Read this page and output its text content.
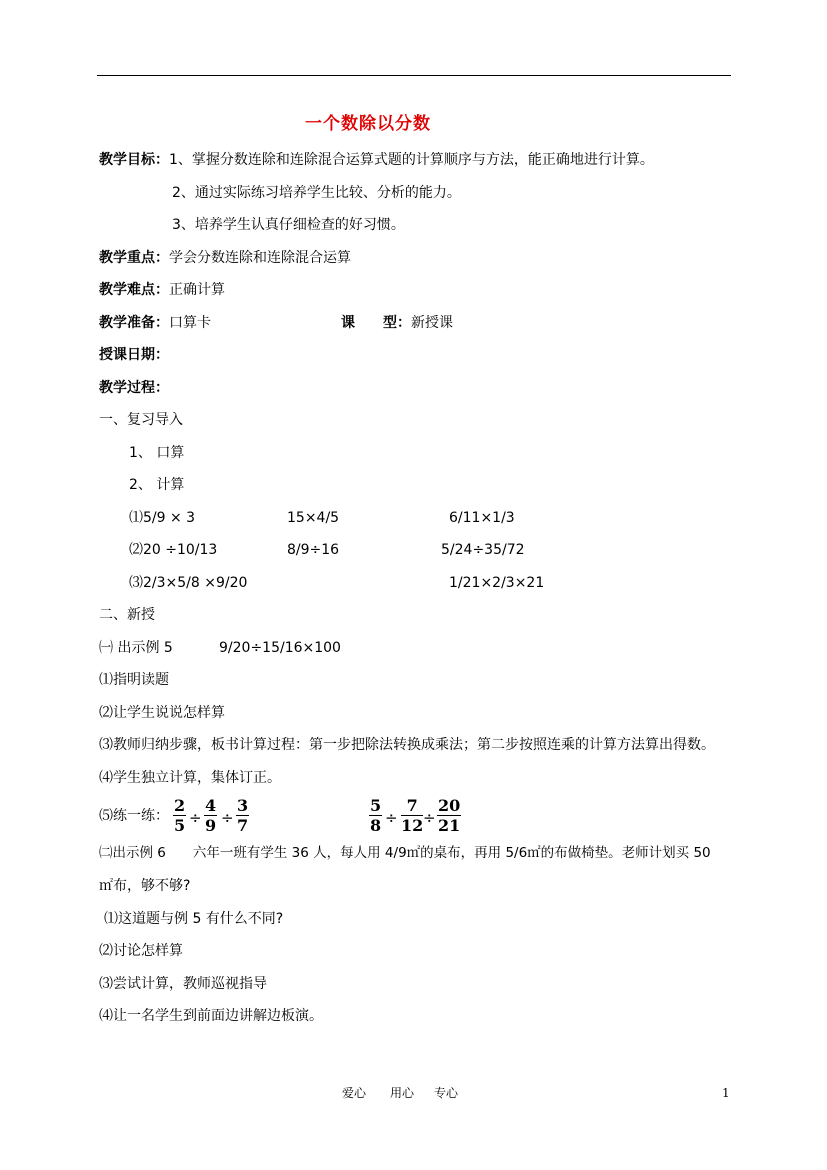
一个数除以分数
教学目标：1、掌握分数连除和连除混合运算式题的计算顺序与方法，能正确地进行计算。
2、通过实际练习培养学生比较、分析的能力。
3、培养学生认真仔细检查的好习惯。
教学重点：学会分数连除和连除混合运算
教学难点：正确计算
教学准备：口算卡	课　　型：新授课
授课日期：
教学过程：
一、复习导入
1、 口算
2、 计算
⑴5/9 × 3	15×4/5	6/11×1/3
⑵20 ÷10/13	8/9÷16	5/24÷35/72
⑶2/3×5/8 ×9/20	1/21×2/3×21
二、新授
㈠ 出示例 5	9/20÷15/16×100
⑴指明读题
⑵让学生说说怎样算
⑶教师归纳步骤，板书计算过程：第一步把除法转换成乘法；第二步按照连乘的计算方法算出得数。
⑷学生独立计算，集体订正。
⑸练一练：
2
5 ÷
4
9 ÷
3
7
5
8 ÷
7
12 ÷
20
21
㈡出示例 6　　六年一班有学生 36 人，每人用 4/9㎡的桌布，再用 5/6㎡的布做椅垫。老师计划买 50
㎡布，够不够?
⑴这道题与例 5 有什么不同?
⑵讨论怎样算
⑶尝试计算，教师巡视指导
⑷让一名学生到前面边讲解边板演。
爱心 用心 专心	1
